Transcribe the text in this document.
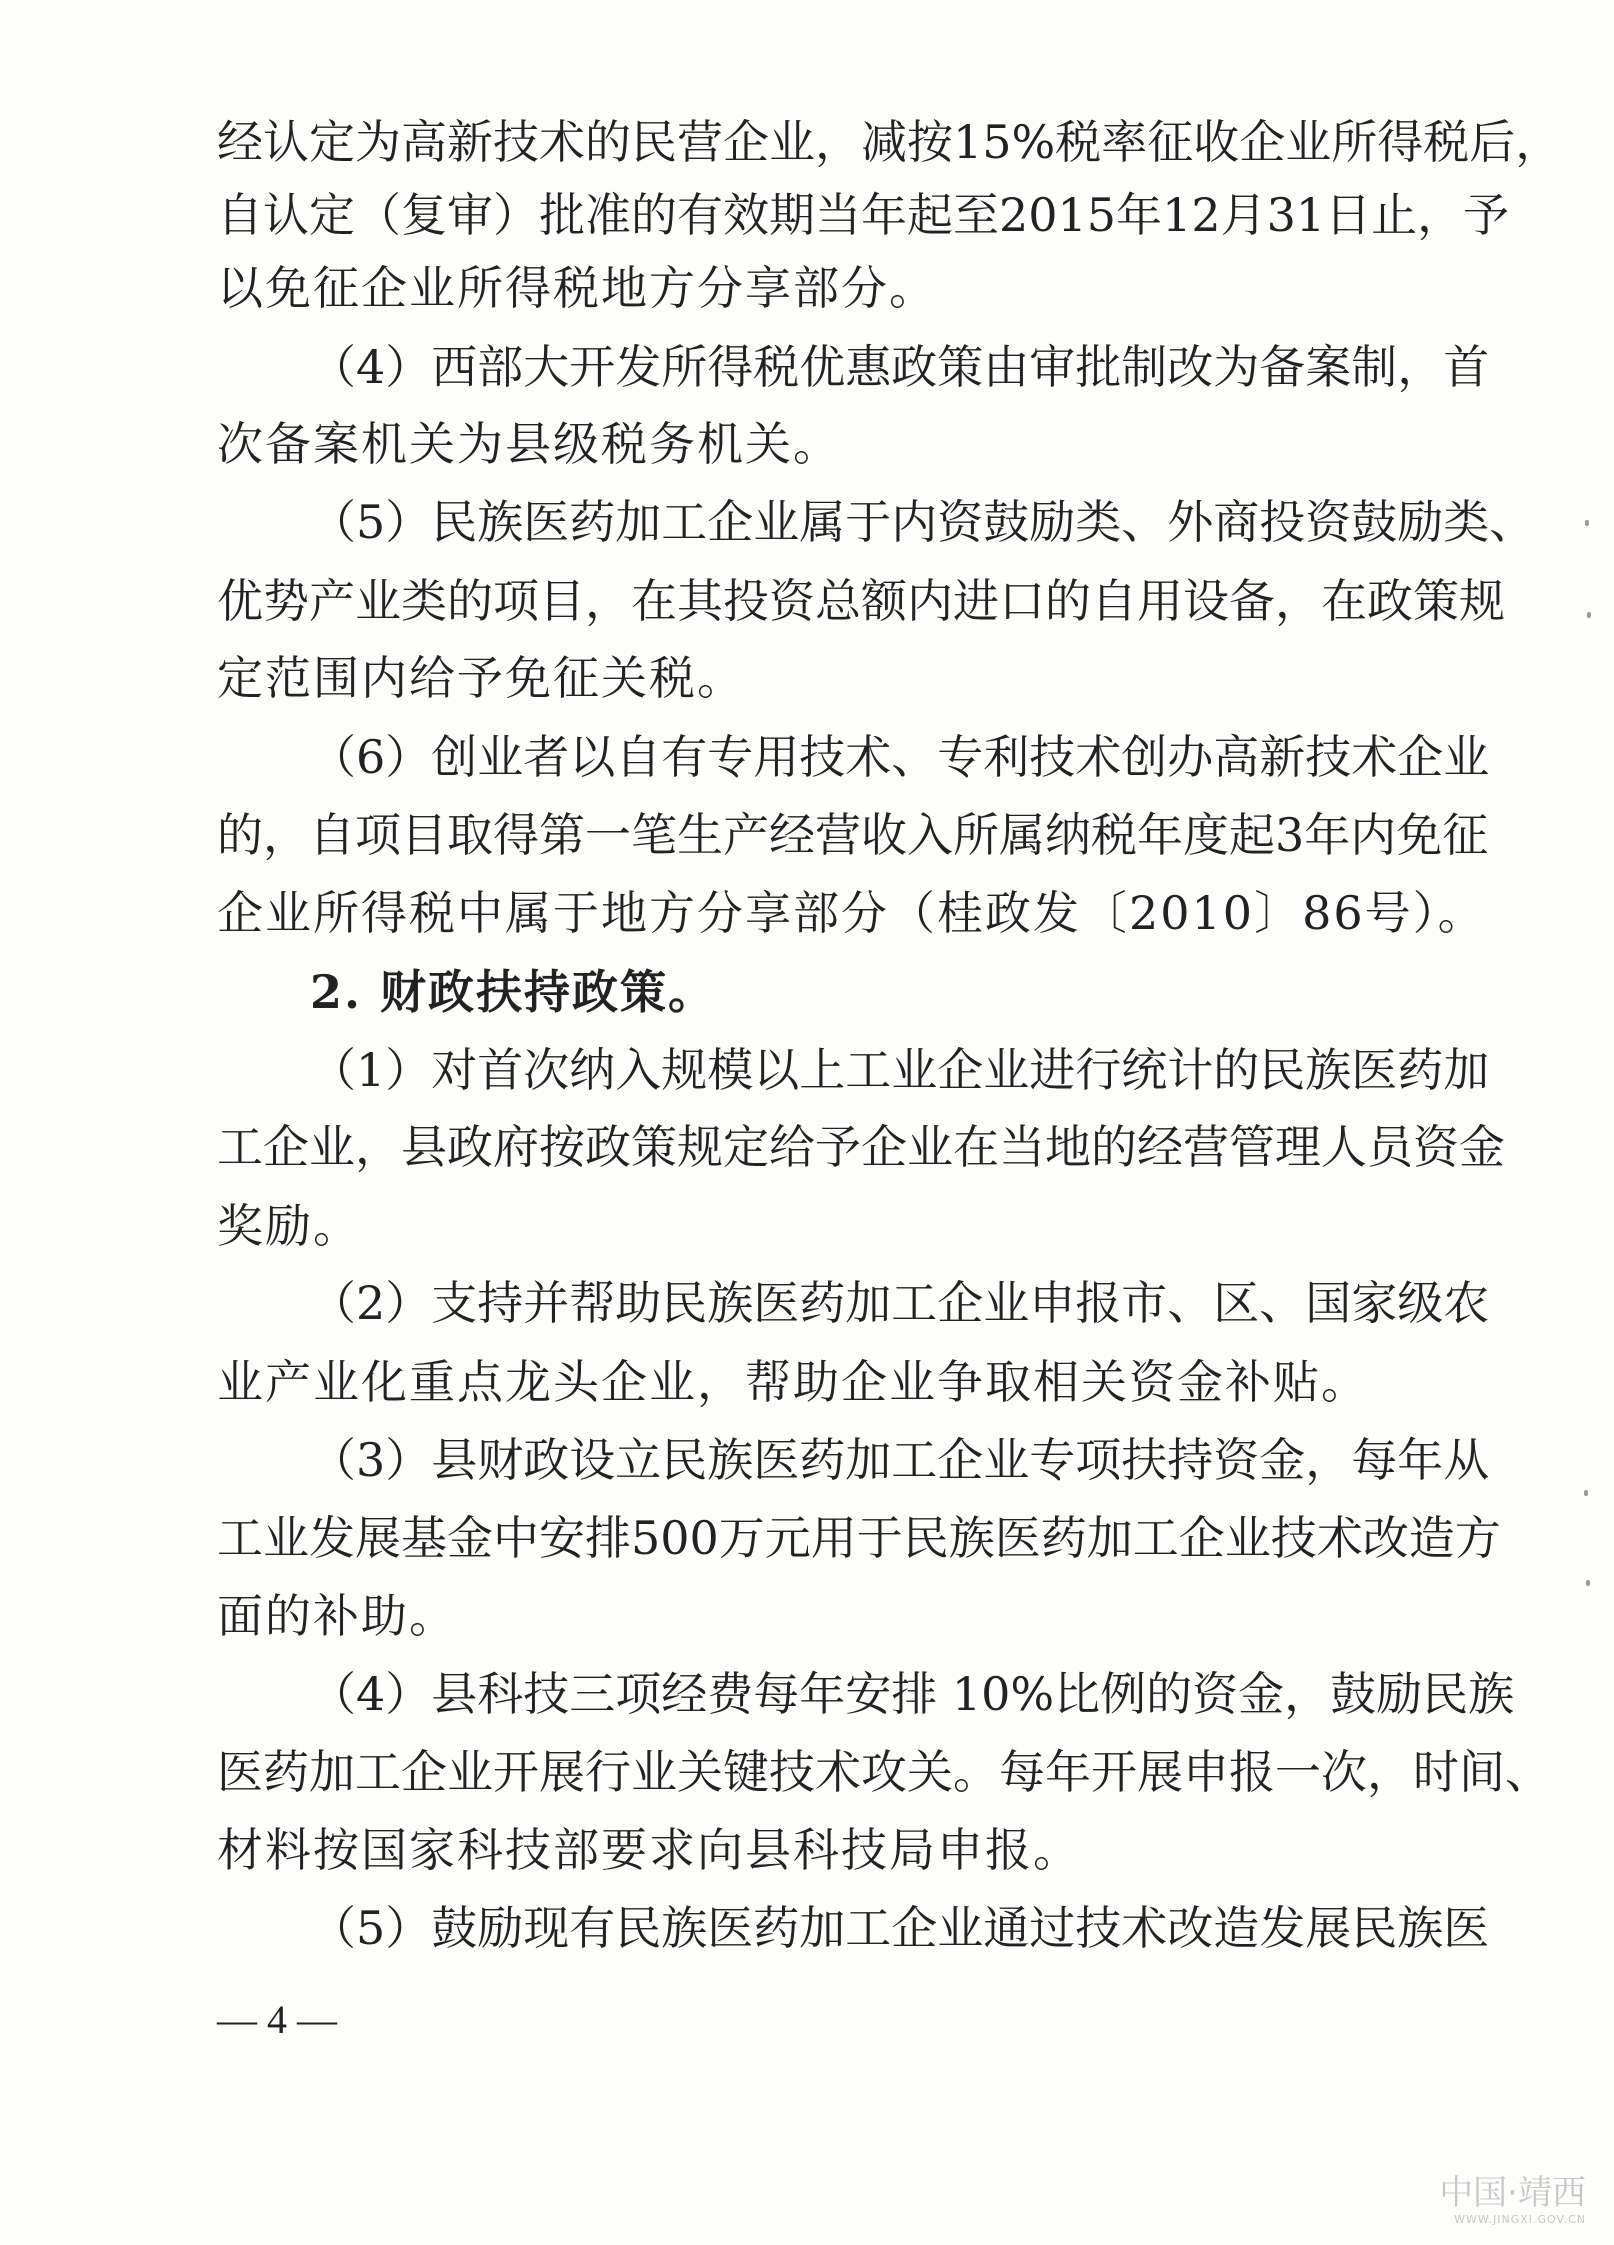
经认定为高新技术的民营企业，减按15%税率征收企业所得税后，
自认定（复审）批准的有效期当年起至2015年12月31日止，予
以免征企业所得税地方分享部分。
（4）西部大开发所得税优惠政策由审批制改为备案制，首
次备案机关为县级税务机关。
（5）民族医药加工企业属于内资鼓励类、外商投资鼓励类、
优势产业类的项目，在其投资总额内进口的自用设备，在政策规
定范围内给予免征关税。
（6）创业者以自有专用技术、专利技术创办高新技术企业
的，自项目取得第一笔生产经营收入所属纳税年度起3年内免征
企业所得税中属于地方分享部分（桂政发〔2010〕86号）。
2. 财政扶持政策。
（1）对首次纳入规模以上工业企业进行统计的民族医药加
工企业，县政府按政策规定给予企业在当地的经营管理人员资金
奖励。
（2）支持并帮助民族医药加工企业申报市、区、国家级农
业产业化重点龙头企业，帮助企业争取相关资金补贴。
（3）县财政设立民族医药加工企业专项扶持资金，每年从
工业发展基金中安排500万元用于民族医药加工企业技术改造方
面的补助。
（4）县科技三项经费每年安排 10%比例的资金，鼓励民族
医药加工企业开展行业关键技术攻关。每年开展申报一次，时间、
材料按国家科技部要求向县科技局申报。
（5）鼓励现有民族医药加工企业通过技术改造发展民族医
— 4 —
中国·靖西
WWW.JINGXI.GOV.CN
